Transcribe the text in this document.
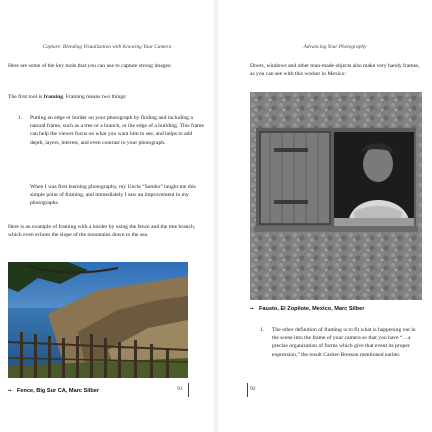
Capture: Blending Visualization with Knowing Your Camera

Here are some of the key tools that you can use to capture strong images:

The first tool is framing. Framing means two things:

1. Putting an edge or border on your photograph by finding and including a natural frame, such as a tree or a branch, or the edge of a building. This frame can help the viewer focus on what you want him to see, and helps to add depth, layers, interest, and even contrast to your photograph.

When I was first learning photography, my Uncle “Sambo” taught me this simple point of framing, and immediately I saw an improvement in my photographs.

Here is an example of framing with a border by using the fence and the tree branch, which even echoes the slope of the mountains down to the sea.

▪▪ Fence, Big Sur CA, Marc Silber	91
Advancing Your Photography

Doors, windows and other man-made objects also make very handy frames, as you can see with this worker in Mexico:

▪▪ Fausto, El Zopilote, Mexico, Marc Silber
1. The other definition of framing is to fit what is happening out in the scene into the frame of your camera so that you have “…a precise organization of forms which give that event its proper expression,” the result Cartier-Bresson mentioned earlier.

92
